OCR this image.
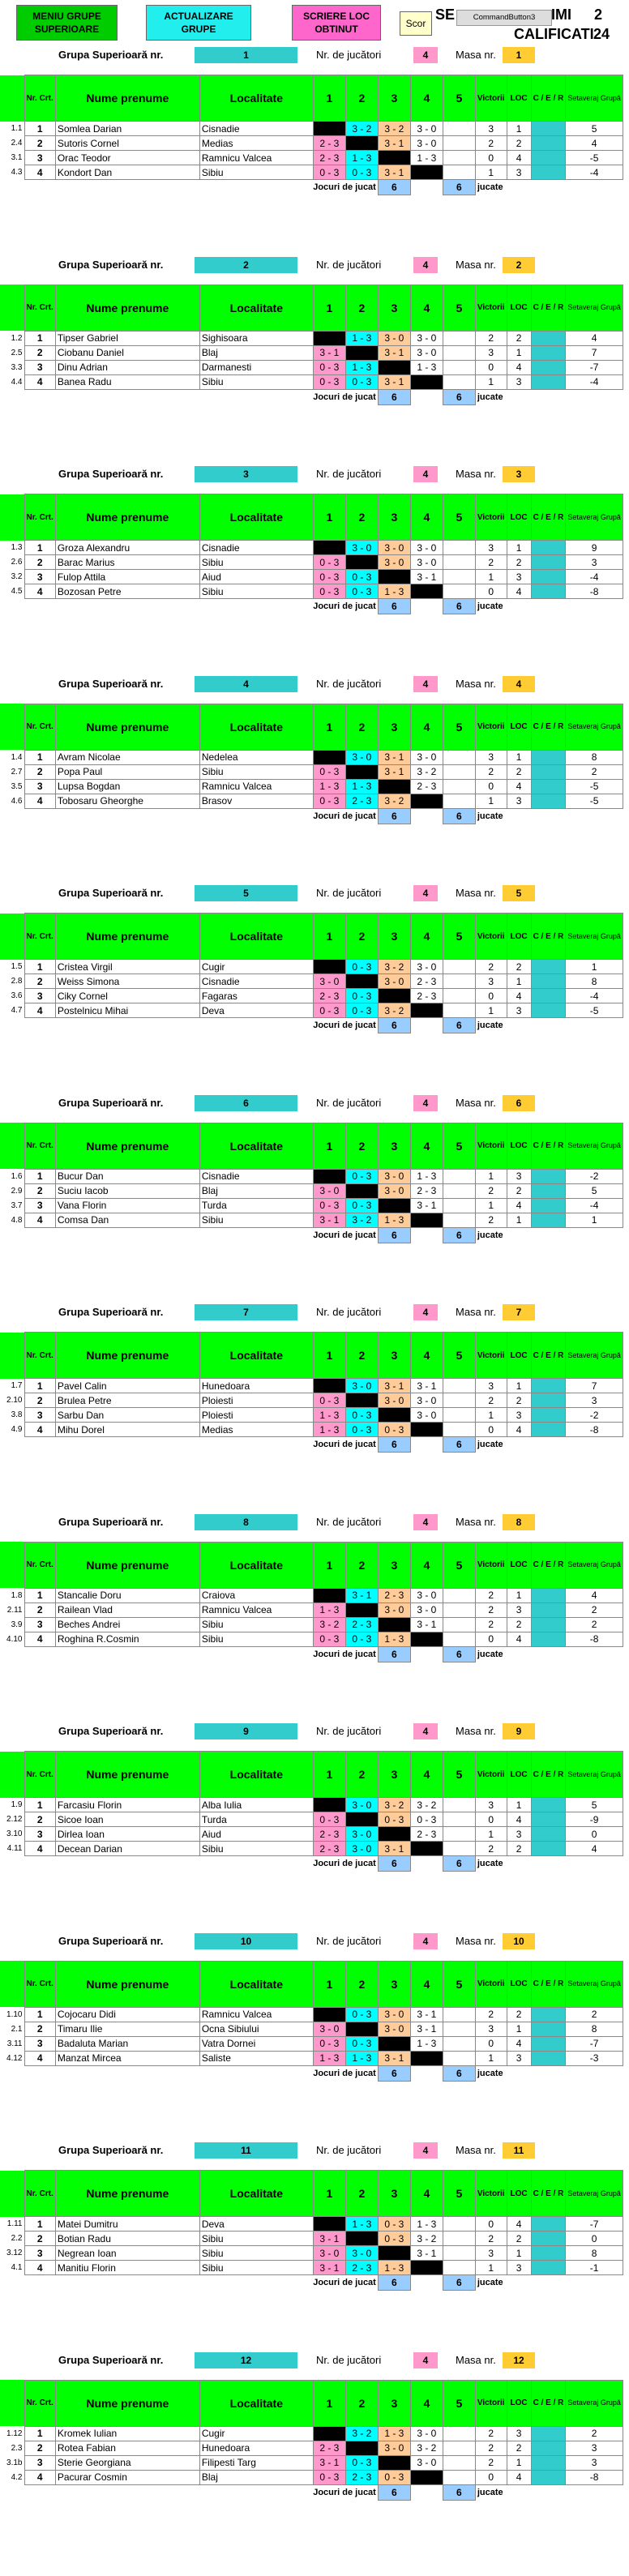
MENIU GRUPE SUPERIOARE
ACTUALIZARE GRUPE
SCRIERE LOC OBTINUT	Scor
SE	CommandButton3	IMI 2
CALIFICATI 24
Grupa Superioară nr.	1	Nr. de jucători	4	Masa nr.	1
	Nr. Crt.	Nume prenume	Localitate	1	2	3	4	5	Victorii	LOC	C / E / R	Setaveraj Grupă
1.1	1	Somlea Darian	Cisnadie		3 - 2	3 - 2	3 - 0		3	1		5
2.4	2	Sutoris Cornel	Medias	2 - 3		3 - 1	3 - 0		2	2		4
3.1	3	Orac Teodor	Ramnicu Valcea	2 - 3	1 - 3		1 - 3		0	4		-5
4.3	4	Kondort Dan	Sibiu	0 - 3	0 - 3	3 - 1			1	3		-4
			Jocuri de jucat			6		6	jucate			
Grupa Superioară nr.	2	Nr. de jucători	4	Masa nr.	2
	Nr. Crt.	Nume prenume	Localitate	1	2	3	4	5	Victorii	LOC	C / E / R	Setaveraj Grupă
1.2	1	Tipser Gabriel	Sighisoara		1 - 3	3 - 0	3 - 0		2	2		4
2.5	2	Ciobanu Daniel	Blaj	3 - 1		3 - 1	3 - 0		3	1		7
3.3	3	Dinu Adrian	Darmanesti	0 - 3	1 - 3		1 - 3		0	4		-7
4.4	4	Banea Radu	Sibiu	0 - 3	0 - 3	3 - 1			1	3		-4
			Jocuri de jucat			6		6	jucate			
Grupa Superioară nr.	3	Nr. de jucători	4	Masa nr.	3
	Nr. Crt.	Nume prenume	Localitate	1	2	3	4	5	Victorii	LOC	C / E / R	Setaveraj Grupă
1.3	1	Groza Alexandru	Cisnadie		3 - 0	3 - 0	3 - 0		3	1		9
2.6	2	Barac Marius	Sibiu	0 - 3		3 - 0	3 - 0		2	2		3
3.2	3	Fulop Attila	Aiud	0 - 3	0 - 3		3 - 1		1	3		-4
4.5	4	Bozosan Petre	Sibiu	0 - 3	0 - 3	1 - 3			0	4		-8
			Jocuri de jucat			6		6	jucate			
Grupa Superioară nr.	4	Nr. de jucători	4	Masa nr.	4
	Nr. Crt.	Nume prenume	Localitate	1	2	3	4	5	Victorii	LOC	C / E / R	Setaveraj Grupă
1.4	1	Avram Nicolae	Nedelea		3 - 0	3 - 1	3 - 0		3	1		8
2.7	2	Popa Paul	Sibiu	0 - 3		3 - 1	3 - 2		2	2		2
3.5	3	Lupsa Bogdan	Ramnicu Valcea	1 - 3	1 - 3		2 - 3		0	4		-5
4.6	4	Tobosaru Gheorghe	Brasov	0 - 3	2 - 3	3 - 2			1	3		-5
			Jocuri de jucat			6		6	jucate			
Grupa Superioară nr.	5	Nr. de jucători	4	Masa nr.	5
	Nr. Crt.	Nume prenume	Localitate	1	2	3	4	5	Victorii	LOC	C / E / R	Setaveraj Grupă
1.5	1	Cristea Virgil	Cugir		0 - 3	3 - 2	3 - 0		2	2		1
2.8	2	Weiss Simona	Cisnadie	3 - 0		3 - 0	2 - 3		3	1		8
3.6	3	Ciky Cornel	Fagaras	2 - 3	0 - 3		2 - 3		0	4		-4
4.7	4	Postelnicu Mihai	Deva	0 - 3	0 - 3	3 - 2			1	3		-5
			Jocuri de jucat			6		6	jucate			
Grupa Superioară nr.	6	Nr. de jucători	4	Masa nr.	6
	Nr. Crt.	Nume prenume	Localitate	1	2	3	4	5	Victorii	LOC	C / E / R	Setaveraj Grupă
1.6	1	Bucur Dan	Cisnadie		0 - 3	3 - 0	1 - 3		1	3		-2
2.9	2	Suciu Iacob	Blaj	3 - 0		3 - 0	2 - 3		2	2		5
3.7	3	Vana Florin	Turda	0 - 3	0 - 3		3 - 1		1	4		-4
4.8	4	Comsa Dan	Sibiu	3 - 1	3 - 2	1 - 3			2	1		1
			Jocuri de jucat			6		6	jucate			
Grupa Superioară nr.	7	Nr. de jucători	4	Masa nr.	7
	Nr. Crt.	Nume prenume	Localitate	1	2	3	4	5	Victorii	LOC	C / E / R	Setaveraj Grupă
1.7	1	Pavel Calin	Hunedoara		3 - 0	3 - 1	3 - 1		3	1		7
2.10	2	Brulea Petre	Ploiesti	0 - 3		3 - 0	3 - 0		2	2		3
3.8	3	Sarbu Dan	Ploiesti	1 - 3	0 - 3		3 - 0		1	3		-2
4.9	4	Mihu Dorel	Medias	1 - 3	0 - 3	0 - 3			0	4		-8
			Jocuri de jucat			6		6	jucate			
Grupa Superioară nr.	8	Nr. de jucători	4	Masa nr.	8
	Nr. Crt.	Nume prenume	Localitate	1	2	3	4	5	Victorii	LOC	C / E / R	Setaveraj Grupă
1.8	1	Stancalie Doru	Craiova		3 - 1	2 - 3	3 - 0		2	1		4
2.11	2	Railean Vlad	Ramnicu Valcea	1 - 3		3 - 0	3 - 0		2	3		2
3.9	3	Beches Andrei	Sibiu	3 - 2	2 - 3		3 - 1		2	2		2
4.10	4	Roghina R.Cosmin	Sibiu	0 - 3	0 - 3	1 - 3			0	4		-8
			Jocuri de jucat			6		6	jucate			
Grupa Superioară nr.	9	Nr. de jucători	4	Masa nr.	9
	Nr. Crt.	Nume prenume	Localitate	1	2	3	4	5	Victorii	LOC	C / E / R	Setaveraj Grupă
1.9	1	Farcasiu Florin	Alba Iulia		3 - 0	3 - 2	3 - 2		3	1		5
2.12	2	Sicoe Ioan	Turda	0 - 3		0 - 3	0 - 3		0	4		-9
3.10	3	Dirlea Ioan	Aiud	2 - 3	3 - 0		2 - 3		1	3		0
4.11	4	Decean Darian	Sibiu	2 - 3	3 - 0	3 - 1			2	2		4
			Jocuri de jucat			6		6	jucate			
Grupa Superioară nr.	10	Nr. de jucători	4	Masa nr.	10
	Nr. Crt.	Nume prenume	Localitate	1	2	3	4	5	Victorii	LOC	C / E / R	Setaveraj Grupă
1.10	1	Cojocaru Didi	Ramnicu Valcea		0 - 3	3 - 0	3 - 1		2	2		2
2.1	2	Timaru Ilie	Ocna Sibiului	3 - 0		3 - 0	3 - 1		3	1		8
3.11	3	Badaluta Marian	Vatra Dornei	0 - 3	0 - 3		1 - 3		0	4		-7
4.12	4	Manzat Mircea	Saliste	1 - 3	1 - 3	3 - 1			1	3		-3
			Jocuri de jucat			6		6	jucate			
Grupa Superioară nr.	11	Nr. de jucători	4	Masa nr.	11
	Nr. Crt.	Nume prenume	Localitate	1	2	3	4	5	Victorii	LOC	C / E / R	Setaveraj Grupă
1.11	1	Matei Dumitru	Deva		1 - 3	0 - 3	1 - 3		0	4		-7
2.2	2	Botian Radu	Sibiu	3 - 1		0 - 3	3 - 2		2	2		0
3.12	3	Negrean Ioan	Sibiu	3 - 0	3 - 0		3 - 1		3	1		8
4.1	4	Manitiu Florin	Sibiu	3 - 1	2 - 3	1 - 3			1	3		-1
			Jocuri de jucat			6		6	jucate			
Grupa Superioară nr.	12	Nr. de jucători	4	Masa nr.	12
	Nr. Crt.	Nume prenume	Localitate	1	2	3	4	5	Victorii	LOC	C / E / R	Setaveraj Grupă
1.12	1	Kromek Iulian	Cugir		3 - 2	1 - 3	3 - 0		2	3		2
2.3	2	Rotea Fabian	Hunedoara	2 - 3		3 - 0	3 - 2		2	2		3
3.1b	3	Sterie Georgiana	Filipesti Targ	3 - 1	0 - 3		3 - 0		2	1		3
4.2	4	Pacurar Cosmin	Blaj	0 - 3	2 - 3	0 - 3			0	4		-8
			Jocuri de jucat			6		6	jucate			
